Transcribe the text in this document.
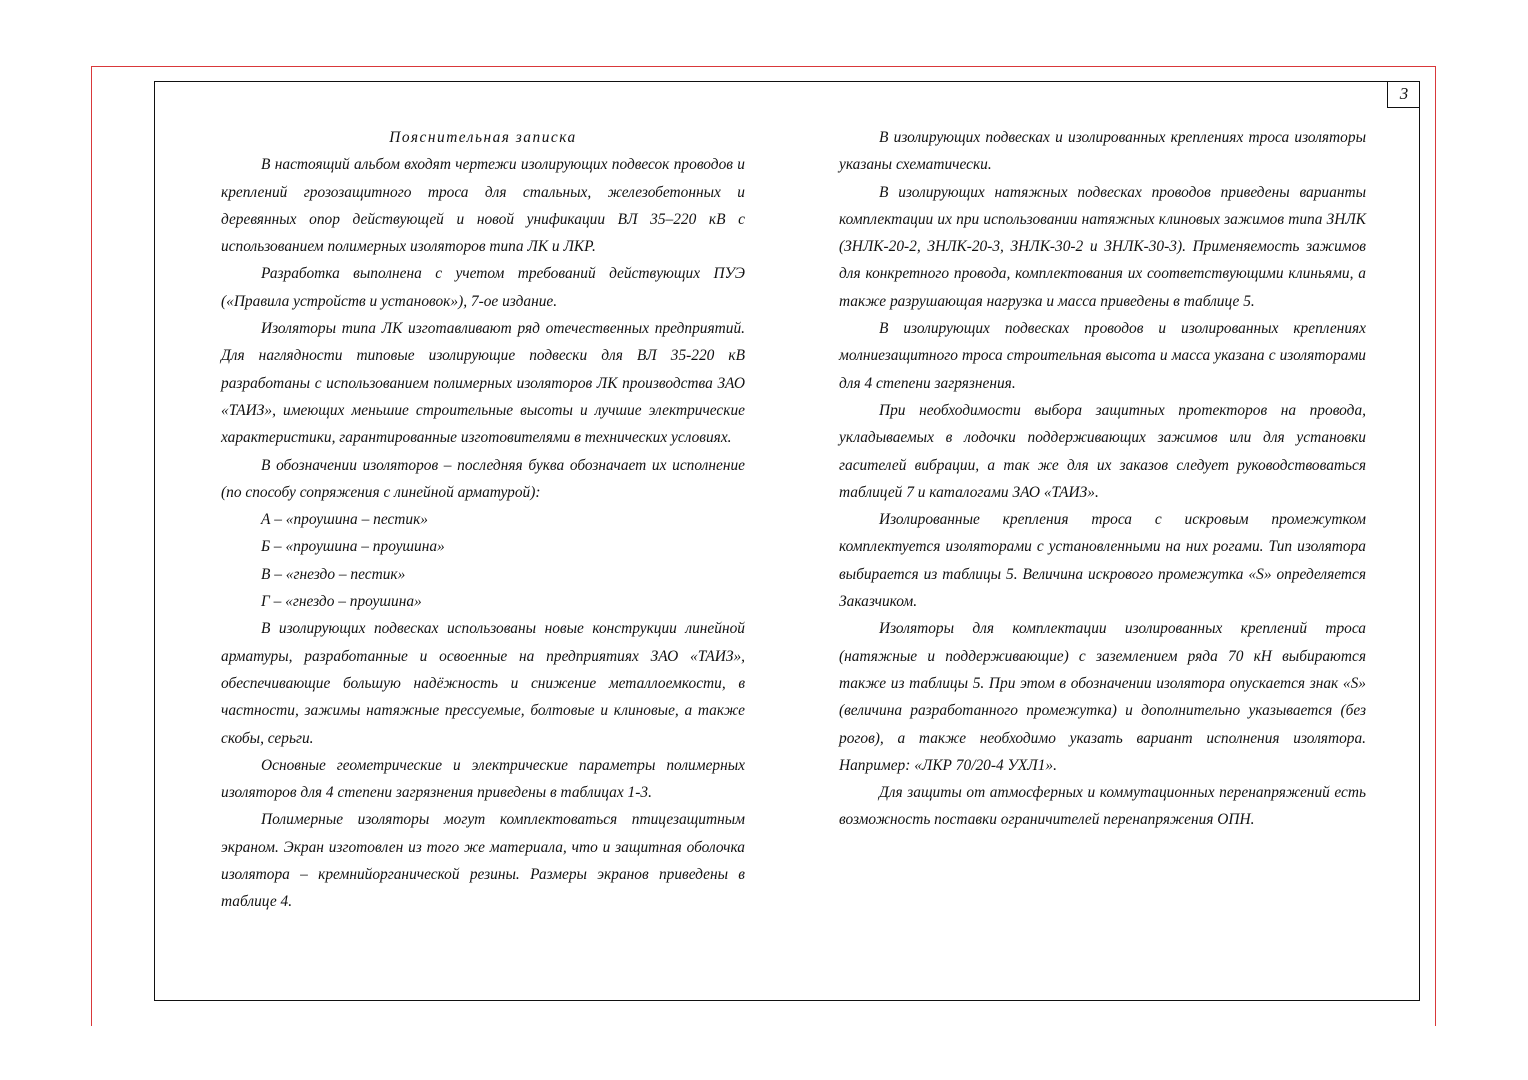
3

Пояснительная записка

В настоящий альбом входят чертежи изолирующих подвесок проводов и креплений грозозащитного троса для стальных, железобетонных и деревянных опор действующей и новой унификации ВЛ 35–220 кВ с использованием полимерных изоляторов типа ЛК и ЛКР.

Разработка выполнена с учетом требований действующих ПУЭ («Правила устройств и установок»), 7-ое издание.

Изоляторы типа ЛК изготавливают ряд отечественных предприятий. Для наглядности типовые изолирующие подвески для ВЛ 35-220 кВ разработаны с использованием полимерных изоляторов ЛК производства ЗАО «ТАИЗ», имеющих меньшие строительные высоты и лучшие электрические характеристики, гарантированные изготовителями в технических условиях.

В обозначении изоляторов – последняя буква обозначает их исполнение (по способу сопряжения с линейной арматурой):

А – «проушина – пестик»

Б – «проушина – проушина»

В – «гнездо – пестик»

Г – «гнездо – проушина»

В изолирующих подвесках использованы новые конструкции линейной арматуры, разработанные и освоенные на предприятиях ЗАО «ТАИЗ», обеспечивающие большую надёжность и снижение металлоемкости, в частности, зажимы натяжные прессуемые, болтовые и клиновые, а также скобы, серьги.

Основные геометрические и электрические параметры полимерных изоляторов для 4 степени загрязнения приведены в таблицах 1-3.

Полимерные изоляторы могут комплектоваться птицезащитным экраном. Экран изготовлен из того же материала, что и защитная оболочка изолятора – кремнийорганической резины. Размеры экранов приведены в таблице 4.

В изолирующих подвесках и изолированных креплениях троса изоляторы указаны схематически.

В изолирующих натяжных подвесках проводов приведены варианты комплектации их при использовании натяжных клиновых зажимов типа ЗНЛК (ЗНЛК-20-2, ЗНЛК-20-3, ЗНЛК-30-2 и ЗНЛК-30-3). Применяемость зажимов для конкретного провода, комплектования их соответствующими клиньями, а также разрушающая нагрузка и масса приведены в таблице 5.

В изолирующих подвесках проводов и изолированных креплениях молниезащитного троса строительная высота и масса указана с изоляторами для 4 степени загрязнения.

При необходимости выбора защитных протекторов на провода, укладываемых в лодочки поддерживающих зажимов или для установки гасителей вибрации, а так же для их заказов следует руководствоваться таблицей 7 и каталогами ЗАО «ТАИЗ».

Изолированные крепления троса с искровым промежутком комплектуется изоляторами с установленными на них рогами. Тип изолятора выбирается из таблицы 5. Величина искрового промежутка «S» определяется Заказчиком.

Изоляторы для комплектации изолированных креплений троса (натяжные и поддерживающие) с заземлением ряда 70 кН выбираются также из таблицы 5. При этом в обозначении изолятора опускается знак «S» (величина разработанного промежутка) и дополнительно указывается (без рогов), а также необходимо указать вариант исполнения изолятора. Например: «ЛКР 70/20-4 УХЛ1».

Для защиты от атмосферных и коммутационных перенапряжений есть возможность поставки ограничителей перенапряжения ОПН.
